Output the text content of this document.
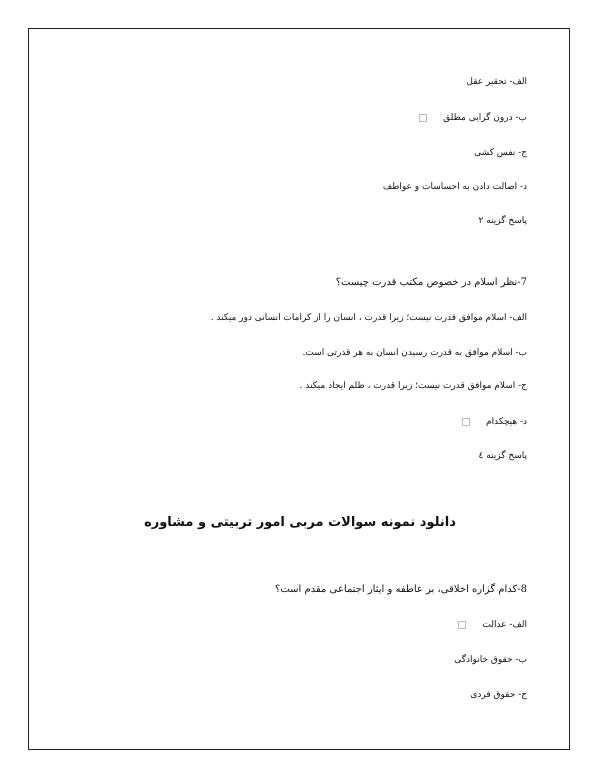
الف- تحقیر عقل
ب- درون گرایی مطلق
ج- نفس کشی
د- اصالت دادن به احساسات و عواطف
پاسخ گزینه ۲
7-نظر اسلام در خصوص مکتب قدرت چیست؟
الف- اسلام موافق قدرت نیست؛ زیرا قدرت ، انسان را از کرامات انسانی دور میکند .
ب- اسلام موافق به قدرت رسیدن انسان به هر قدرتی است.
ج- اسلام موافق قدرت نیست؛ زیرا قدرت ، ظلم ایجاد میکند .
د- هیچکدام
پاسخ گزینه ٤
دانلود نمونه سوالات مربی امور تربیتی و مشاوره
8-کدام گزاره اخلاقی، بر عاطفه و ایثار اجتماعی مقدم است؟
الف- عدالت
ب- حقوق خانوادگی
ج- حقوق فردی
